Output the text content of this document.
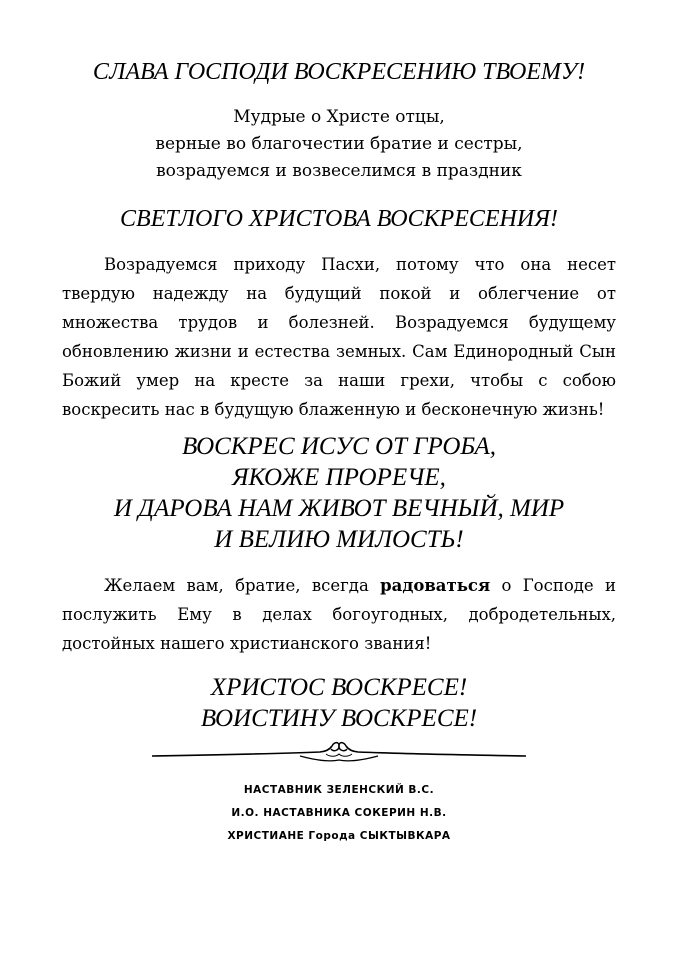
СЛАВА ГОСПОДИ ВОСКРЕСЕНИЮ ТВОЕМУ!
Мудрые о Христе отцы,
верные во благочестии братие и сестры,
возрадуемся и возвеселимся в праздник
СВЕТЛОГО ХРИСТОВА ВОСКРЕСЕНИЯ!
Возрадуемся приходу Пасхи, потому что она несет твердую надежду на будущий покой и облегчение от множества трудов и болезней. Возрадуемся будущему обновлению жизни и естества земных. Сам Единородный Сын Божий умер на кресте за наши грехи, чтобы с собою воскресить нас в будущую блаженную и бесконечную жизнь!
ВОСКРЕС ИСУС ОТ ГРОБА,
ЯКОЖЕ ПРОРЕЧЕ,
И ДАРОВА НАМ ЖИВОТ ВЕЧНЫЙ, МИР
И ВЕЛИЮ МИЛОСТЬ!
Желаем вам, братие, всегда радоваться о Господе и послужить Ему в делах богоугодных, добродетельных, достойных нашего христианского звания!
ХРИСТОС ВОСКРЕСЕ!
ВОИСТИНУ ВОСКРЕСЕ!
НАСТАВНИК ЗЕЛЕНСКИЙ В.С.
И.О. НАСТАВНИКА СОКЕРИН Н.В.
ХРИСТИАНЕ Города СЫКТЫВКАРА
